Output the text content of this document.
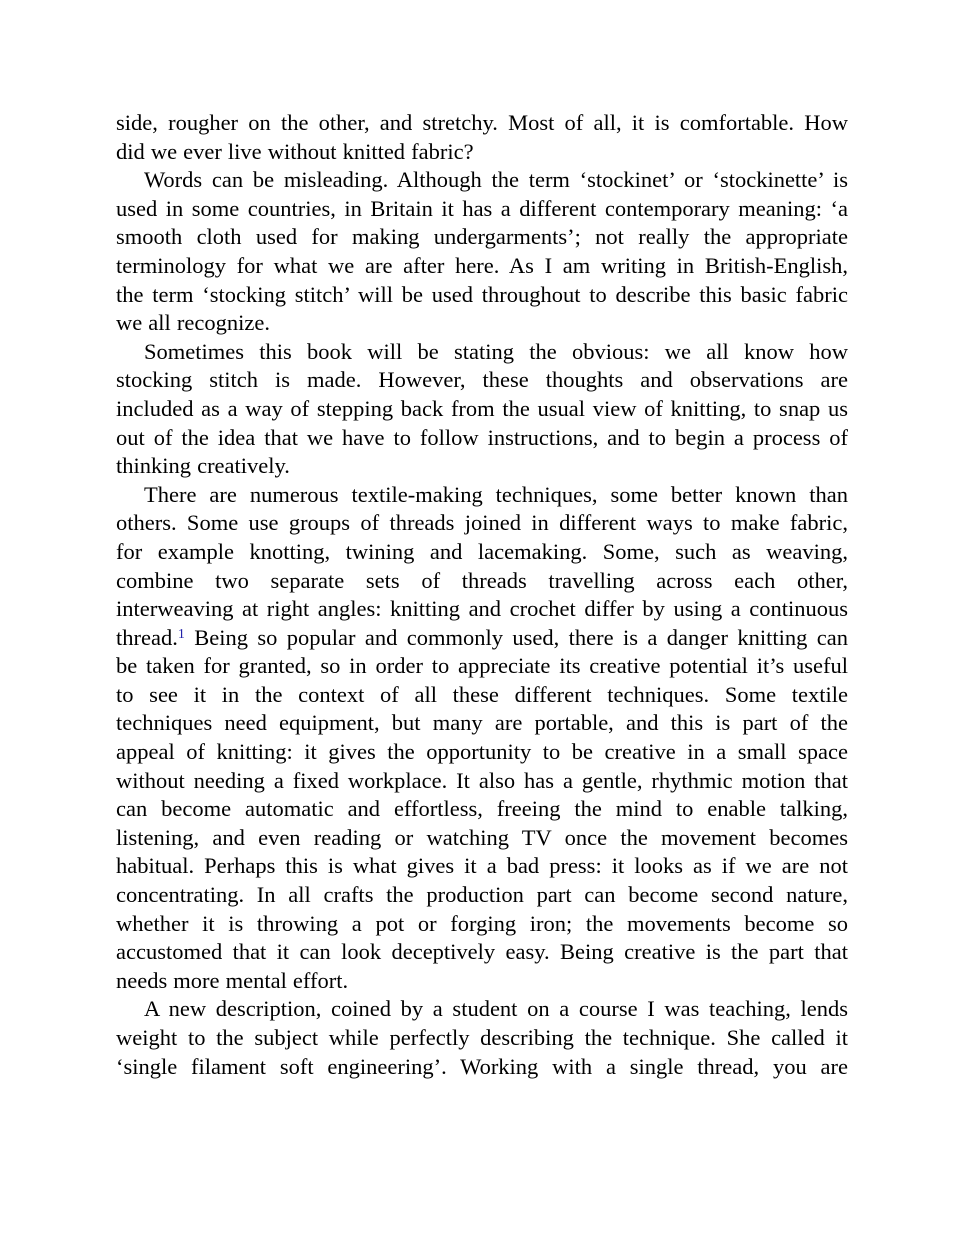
side, rougher on the other, and stretchy. Most of all, it is comfortable. How
did we ever live without knitted fabric?
Words can be misleading. Although the term ‘stockinet’ or ‘stockinette’ is
used in some countries, in Britain it has a different contemporary meaning: ‘a
smooth cloth used for making undergarments’; not really the appropriate
terminology for what we are after here. As I am writing in British-English,
the term ‘stocking stitch’ will be used throughout to describe this basic fabric
we all recognize.
Sometimes this book will be stating the obvious: we all know how
stocking stitch is made. However, these thoughts and observations are
included as a way of stepping back from the usual view of knitting, to snap us
out of the idea that we have to follow instructions, and to begin a process of
thinking creatively.
There are numerous textile-making techniques, some better known than
others. Some use groups of threads joined in different ways to make fabric,
for example knotting, twining and lacemaking. Some, such as weaving,
combine two separate sets of threads travelling across each other,
interweaving at right angles: knitting and crochet differ by using a continuous
thread.$^1$ Being so popular and commonly used, there is a danger knitting can
be taken for granted, so in order to appreciate its creative potential it’s useful
to see it in the context of all these different techniques. Some textile
techniques need equipment, but many are portable, and this is part of the
appeal of knitting: it gives the opportunity to be creative in a small space
without needing a fixed workplace. It also has a gentle, rhythmic motion that
can become automatic and effortless, freeing the mind to enable talking,
listening, and even reading or watching TV once the movement becomes
habitual. Perhaps this is what gives it a bad press: it looks as if we are not
concentrating. In all crafts the production part can become second nature,
whether it is throwing a pot or forging iron; the movements become so
accustomed that it can look deceptively easy. Being creative is the part that
needs more mental effort.
A new description, coined by a student on a course I was teaching, lends
weight to the subject while perfectly describing the technique. She called it
‘single filament soft engineering’. Working with a single thread, you are
